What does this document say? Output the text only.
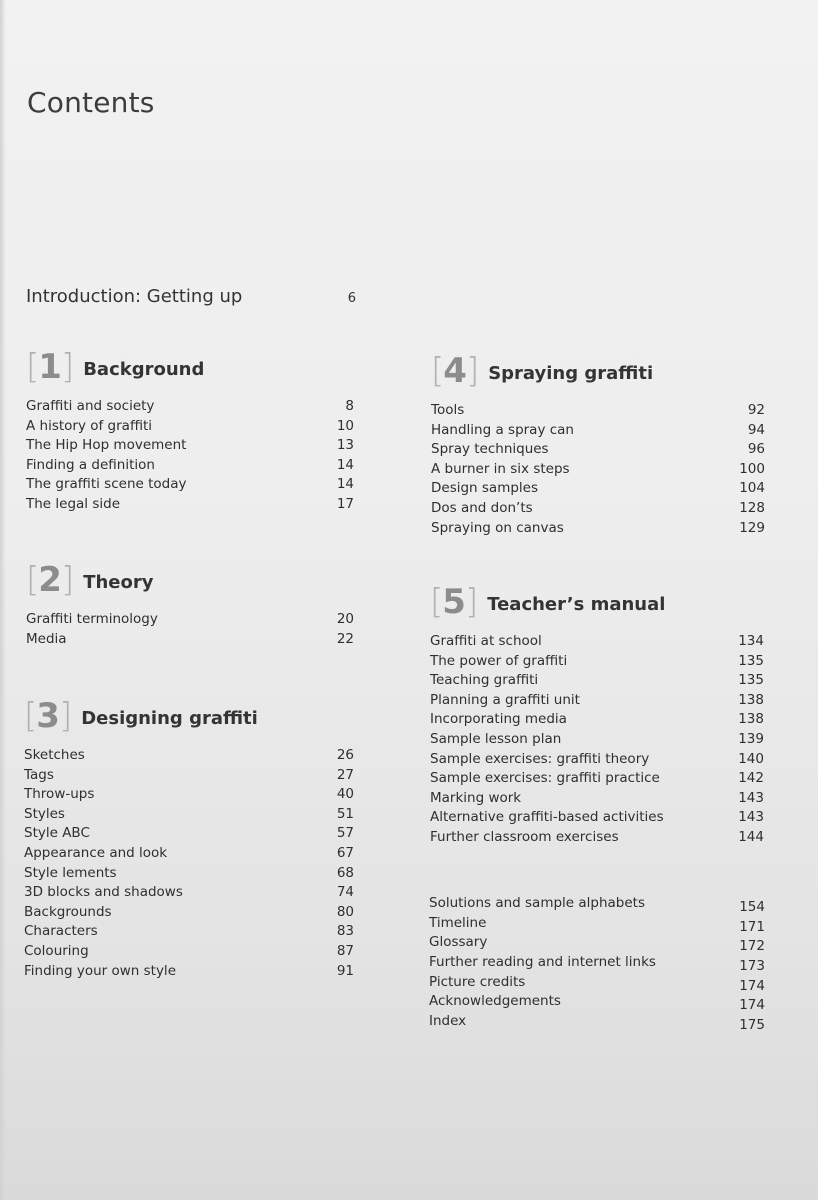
Contents
Introduction: Getting up	6
[1] Background
Graffiti and society	8
A history of graffiti	10
The Hip Hop movement	13
Finding a definition	14
The graffiti scene today	14
The legal side	17
[2] Theory
Graffiti terminology	20
Media	22
[3] Designing graffiti
Sketches	26
Tags	27
Throw-ups	40
Styles	51
Style ABC	57
Appearance and look	67
Style lements	68
3D blocks and shadows	74
Backgrounds	80
Characters	83
Colouring	87
Finding your own style	91
[4] Spraying graffiti
Tools	92
Handling a spray can	94
Spray techniques	96
A burner in six steps	100
Design samples	104
Dos and don’ts	128
Spraying on canvas	129
[5] Teacher’s manual
Graffiti at school	134
The power of graffiti	135
Teaching graffiti	135
Planning a graffiti unit	138
Incorporating media	138
Sample lesson plan	139
Sample exercises: graffiti theory	140
Sample exercises: graffiti practice	142
Marking work	143
Alternative graffiti-based activities	143
Further classroom exercises	144
Solutions and sample alphabets	154
Timeline	171
Glossary	172
Further reading and internet links	173
Picture credits	174
Acknowledgements	174
Index	175
